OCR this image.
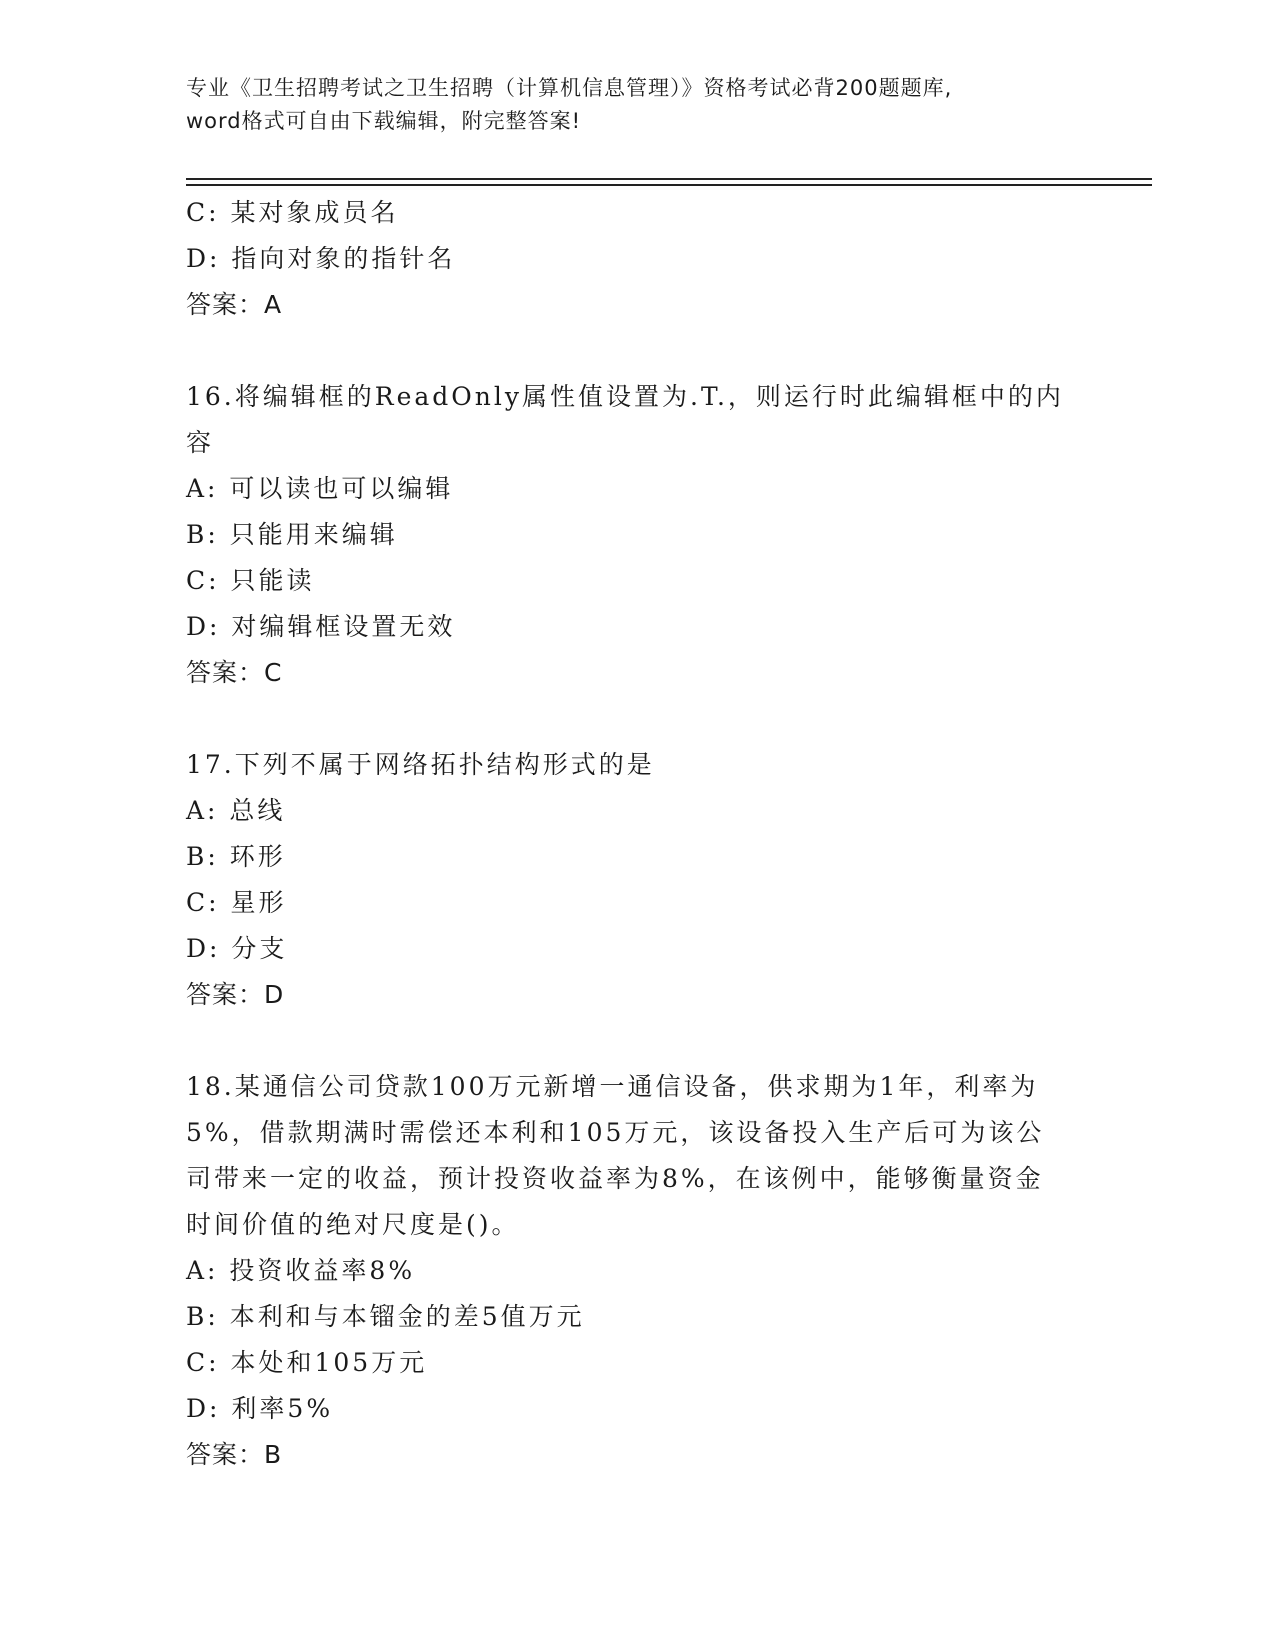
专业《卫生招聘考试之卫生招聘（计算机信息管理）》资格考试必背200题题库,
word格式可自由下载编辑，附完整答案!
C: 某对象成员名
D: 指向对象的指针名
答案：A
16.将编辑框的ReadOnly属性值设置为.T.，则运行时此编辑框中的内
容
A: 可以读也可以编辑
B: 只能用来编辑
C: 只能读
D: 对编辑框设置无效
答案：C
17.下列不属于网络拓扑结构形式的是
A: 总线
B: 环形
C: 星形
D: 分支
答案：D
18.某通信公司贷款100万元新增一通信设备，供求期为1年，利率为
5%，借款期满时需偿还本利和105万元，该设备投入生产后可为该公
司带来一定的收益，预计投资收益率为8%，在该例中，能够衡量资金
时间价值的绝对尺度是()。
A: 投资收益率8%
B: 本利和与本镏金的差5值万元
C: 本处和105万元
D: 利率5%
答案：B
